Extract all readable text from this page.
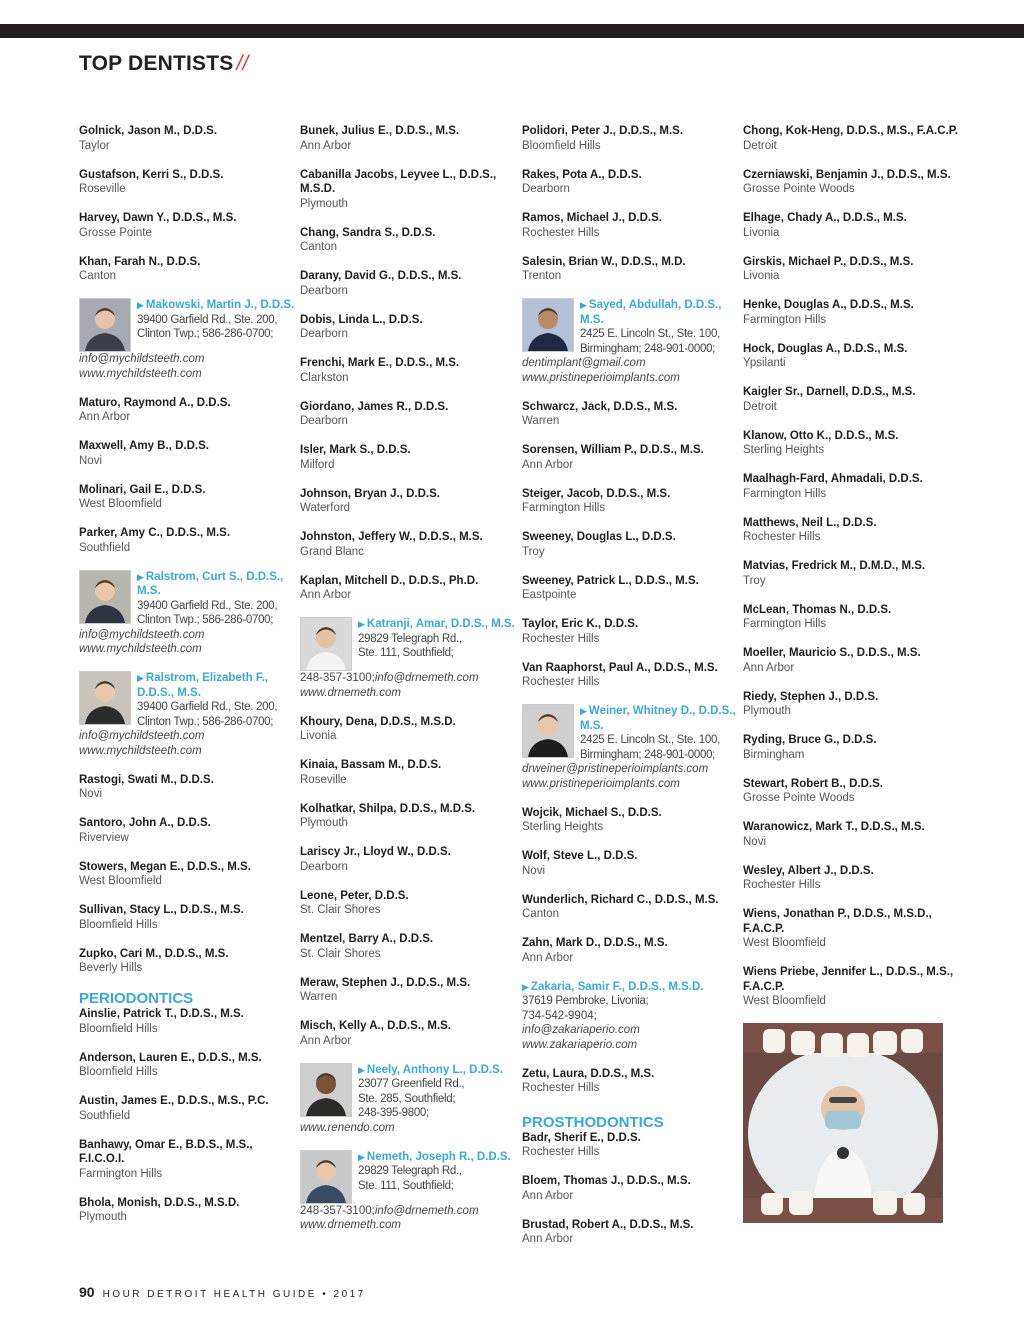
TOP DENTISTS //
Golnick, Jason M., D.D.S.
Taylor
Gustafson, Kerri S., D.D.S.
Roseville
Harvey, Dawn Y., D.D.S., M.S.
Grosse Pointe
Khan, Farah N., D.D.S.
Canton
▶ Makowski, Martin J., D.D.S.
39400 Garfield Rd., Ste. 200,
Clinton Twp.; 586-286-0700;
info@mychildsteeth.com
www.mychildsteeth.com
Maturo, Raymond A., D.D.S.
Ann Arbor
Maxwell, Amy B., D.D.S.
Novi
Molinari, Gail E., D.D.S.
West Bloomfield
Parker, Amy C., D.D.S., M.S.
Southfield
▶ Ralstrom, Curt S., D.D.S., M.S.
39400 Garfield Rd., Ste. 200,
Clinton Twp.; 586-286-0700;
info@mychildsteeth.com
www.mychildsteeth.com
▶ Ralstrom, Elizabeth F., D.D.S., M.S.
39400 Garfield Rd., Ste. 200,
Clinton Twp.; 586-286-0700;
info@mychildsteeth.com
www.mychildsteeth.com
Rastogi, Swati M., D.D.S.
Novi
Santoro, John A., D.D.S.
Riverview
Stowers, Megan E., D.D.S., M.S.
West Bloomfield
Sullivan, Stacy L., D.D.S., M.S.
Bloomfield Hills
Zupko, Cari M., D.D.S., M.S.
Beverly Hills
PERIODONTICS
Ainslie, Patrick T., D.D.S., M.S.
Bloomfield Hills
Anderson, Lauren E., D.D.S., M.S.
Bloomfield Hills
Austin, James E., D.D.S., M.S., P.C.
Southfield
Banhawy, Omar E., B.D.S., M.S., F.I.C.O.I.
Farmington Hills
Bhola, Monish, D.D.S., M.S.D.
Plymouth
Bunek, Julius E., D.D.S., M.S.
Ann Arbor
Cabanilla Jacobs, Leyvee L., D.D.S., M.S.D.
Plymouth
Chang, Sandra S., D.D.S.
Canton
Darany, David G., D.D.S., M.S.
Dearborn
Dobis, Linda L., D.D.S.
Dearborn
Frenchi, Mark E., D.D.S., M.S.
Clarkston
Giordano, James R., D.D.S.
Dearborn
Isler, Mark S., D.D.S.
Milford
Johnson, Bryan J., D.D.S.
Waterford
Johnston, Jeffery W., D.D.S., M.S.
Grand Blanc
Kaplan, Mitchell D., D.D.S., Ph.D.
Ann Arbor
▶ Katranji, Amar, D.D.S., M.S.
29829 Telegraph Rd.,
Ste. 111, Southfield;
248-357-3100;info@drnemeth.com
www.drnemeth.com
Khoury, Dena, D.D.S., M.S.D.
Livonia
Kinaia, Bassam M., D.D.S.
Roseville
Kolhatkar, Shilpa, D.D.S., M.D.S.
Plymouth
Lariscy Jr., Lloyd W., D.D.S.
Dearborn
Leone, Peter, D.D.S.
St. Clair Shores
Mentzel, Barry A., D.D.S.
St. Clair Shores
Meraw, Stephen J., D.D.S., M.S.
Warren
Misch, Kelly A., D.D.S., M.S.
Ann Arbor
▶ Neely, Anthony L., D.D.S.
23077 Greenfield Rd.,
Ste. 285, Southfield;
248-395-9800;
www.renendo.com
▶ Nemeth, Joseph R., D.D.S.
29829 Telegraph Rd.,
Ste. 111, Southfield;
248-357-3100;info@drnemeth.com
www.drnemeth.com
Polidori, Peter J., D.D.S., M.S.
Bloomfield Hills
Rakes, Pota A., D.D.S.
Dearborn
Ramos, Michael J., D.D.S.
Rochester Hills
Salesin, Brian W., D.D.S., M.D.
Trenton
▶ Sayed, Abdullah, D.D.S., M.S.
2425 E. Lincoln St., Ste. 100,
Birmingham; 248-901-0000;
dentimplant@gmail.com
www.pristineperioimplants.com
Schwarcz, Jack, D.D.S., M.S.
Warren
Sorensen, William P., D.D.S., M.S.
Ann Arbor
Steiger, Jacob, D.D.S., M.S.
Farmington Hills
Sweeney, Douglas L., D.D.S.
Troy
Sweeney, Patrick L., D.D.S., M.S.
Eastpointe
Taylor, Eric K., D.D.S.
Rochester Hills
Van Raaphorst, Paul A., D.D.S., M.S.
Rochester Hills
▶ Weiner, Whitney D., D.D.S., M.S.
2425 E. Lincoln St., Ste. 100,
Birmingham; 248-901-0000;
drweiner@pristineperioimplants.com
www.pristineperioimplants.com
Wojcik, Michael S., D.D.S.
Sterling Heights
Wolf, Steve L., D.D.S.
Novi
Wunderlich, Richard C., D.D.S., M.S.
Canton
Zahn, Mark D., D.D.S., M.S.
Ann Arbor
▶ Zakaria, Samir F., D.D.S., M.S.D.
37619 Pembroke, Livonia;
734-542-9904;
info@zakariaperio.com
www.zakariaperio.com
Zetu, Laura, D.D.S., M.S.
Rochester Hills
PROSTHODONTICS
Badr, Sherif E., D.D.S.
Rochester Hills
Bloem, Thomas J., D.D.S., M.S.
Ann Arbor
Brustad, Robert A., D.D.S., M.S.
Ann Arbor
Chong, Kok-Heng, D.D.S., M.S., F.A.C.P.
Detroit
Czerniawski, Benjamin J., D.D.S., M.S.
Grosse Pointe Woods
Elhage, Chady A., D.D.S., M.S.
Livonia
Girskis, Michael P., D.D.S., M.S.
Livonia
Henke, Douglas A., D.D.S., M.S.
Farmington Hills
Hock, Douglas A., D.D.S., M.S.
Ypsilanti
Kaigler Sr., Darnell, D.D.S., M.S.
Detroit
Klanow, Otto K., D.D.S., M.S.
Sterling Heights
Maalhagh-Fard, Ahmadali, D.D.S.
Farmington Hills
Matthews, Neil L., D.D.S.
Rochester Hills
Matvias, Fredrick M., D.M.D., M.S.
Troy
McLean, Thomas N., D.D.S.
Farmington Hills
Moeller, Mauricio S., D.D.S., M.S.
Ann Arbor
Riedy, Stephen J., D.D.S.
Plymouth
Ryding, Bruce G., D.D.S.
Birmingham
Stewart, Robert B., D.D.S.
Grosse Pointe Woods
Waranowicz, Mark T., D.D.S., M.S.
Novi
Wesley, Albert J., D.D.S.
Rochester Hills
Wiens, Jonathan P., D.D.S., M.S.D., F.A.C.P.
West Bloomfield
Wiens Priebe, Jennifer L., D.D.S., M.S., F.A.C.P.
West Bloomfield
90 HOUR DETROIT HEALTH GUIDE • 2017
